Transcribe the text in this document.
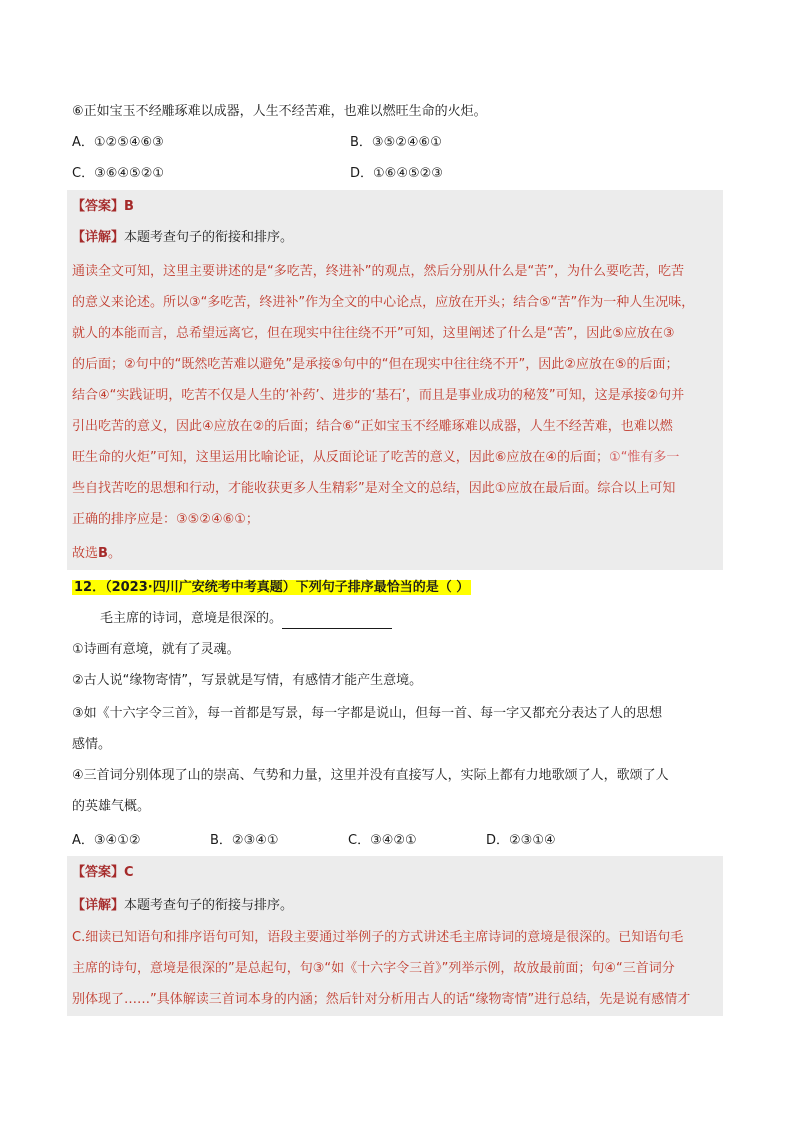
⑥正如宝玉不经雕琢难以成器，人生不经苦难，也难以燃旺生命的火炬。
A．①②⑤④⑥③	B．③⑤②④⑥①
C．③⑥④⑤②①	D．①⑥④⑤②③
【答案】B
【详解】本题考查句子的衔接和排序。
通读全文可知，这里主要讲述的是“多吃苦，终进补”的观点，然后分别从什么是“苦”，为什么要吃苦，吃苦
的意义来论述。所以③“多吃苦，终进补”作为全文的中心论点，应放在开头；结合⑤“苦”作为一种人生况味，
就人的本能而言，总希望远离它，但在现实中往往绕不开”可知，这里阐述了什么是“苦”，因此⑤应放在③
的后面；②句中的“既然吃苦难以避免”是承接⑤句中的“但在现实中往往绕不开”，因此②应放在⑤的后面；
结合④“实践证明，吃苦不仅是人生的‘补药’、进步的‘基石’，而且是事业成功的秘笈”可知，这是承接②句并
引出吃苦的意义，因此④应放在②的后面；结合⑥“正如宝玉不经雕琢难以成器，人生不经苦难，也难以燃
旺生命的火炬”可知，这里运用比喻论证，从反面论证了吃苦的意义，因此⑥应放在④的后面；①“惟有多一
些自找苦吃的思想和行动，才能收获更多人生精彩”是对全文的总结，因此①应放在最后面。综合以上可知
正确的排序应是：③⑤②④⑥①；
故选B。
12．（2023·四川广安统考中考真题）下列句子排序最恰当的是（ ）
毛主席的诗词，意境是很深的。
①诗画有意境，就有了灵魂。
②古人说“缘物寄情”，写景就是写情，有感情才能产生意境。
③如《十六字令三首》，每一首都是写景，每一字都是说山，但每一首、每一字又都充分表达了人的思想
感情。
④三首词分别体现了山的崇高、气势和力量，这里并没有直接写人，实际上都有力地歌颂了人，歌颂了人
的英雄气概。
A．③④①②	B．②③④①	C．③④②①	D．②③①④
【答案】C
【详解】本题考查句子的衔接与排序。
C.细读已知语句和排序语句可知，语段主要通过举例子的方式讲述毛主席诗词的意境是很深的。已知语句毛
主席的诗句，意境是很深的”是总起句，句③“如《十六字令三首》”列举示例，故放最前面；句④“三首词分
别体现了……”具体解读三首词本身的内涵；然后针对分析用古人的话“缘物寄情”进行总结，先是说有感情才
